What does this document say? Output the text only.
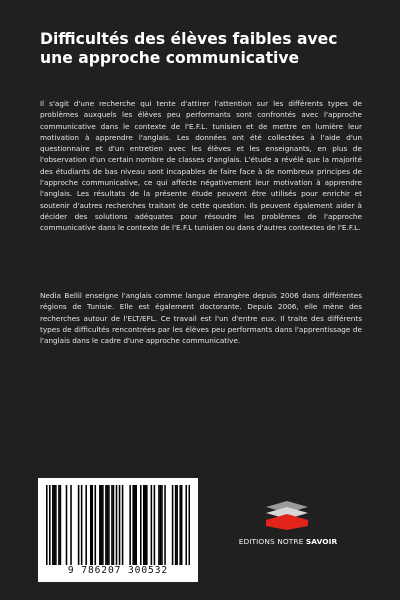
Difficultés des élèves faibles avec une approche communicative

Il s'agit d'une recherche qui tente d'attirer l'attention sur les différents types de problèmes auxquels les élèves peu performants sont confrontés avec l'approche communicative dans le contexte de l'E.F.L. tunisien et de mettre en lumière leur motivation à apprendre l'anglais. Les données ont été collectées à l'aide d'un questionnaire et d'un entretien avec les élèves et les enseignants, en plus de l'observation d'un certain nombre de classes d'anglais. L'étude a révélé que la majorité des étudiants de bas niveau sont incapables de faire face à de nombreux principes de l'approche communicative, ce qui affecte négativement leur motivation à apprendre l'anglais. Les résultats de la présente étude peuvent être utilisés pour enrichir et soutenir d'autres recherches traitant de cette question. Ils peuvent également aider à décider des solutions adéquates pour résoudre les problèmes de l'approche communicative dans le contexte de l'E.F.L tunisien ou dans d'autres contextes de l'E.F.L.

Nedia Bellil enseigne l'anglais comme langue étrangère depuis 2006 dans différentes régions de Tunisie. Elle est également doctorante. Depuis 2006, elle mène des recherches autour de l'ELT/EFL. Ce travail est l'un d'entre eux. Il traite des différents types de difficultés rencontrées par les élèves peu performants dans l'apprentissage de l'anglais dans le cadre d'une approche communicative.

9 786207 300532
EDITIONS NOTRE SAVOIR
